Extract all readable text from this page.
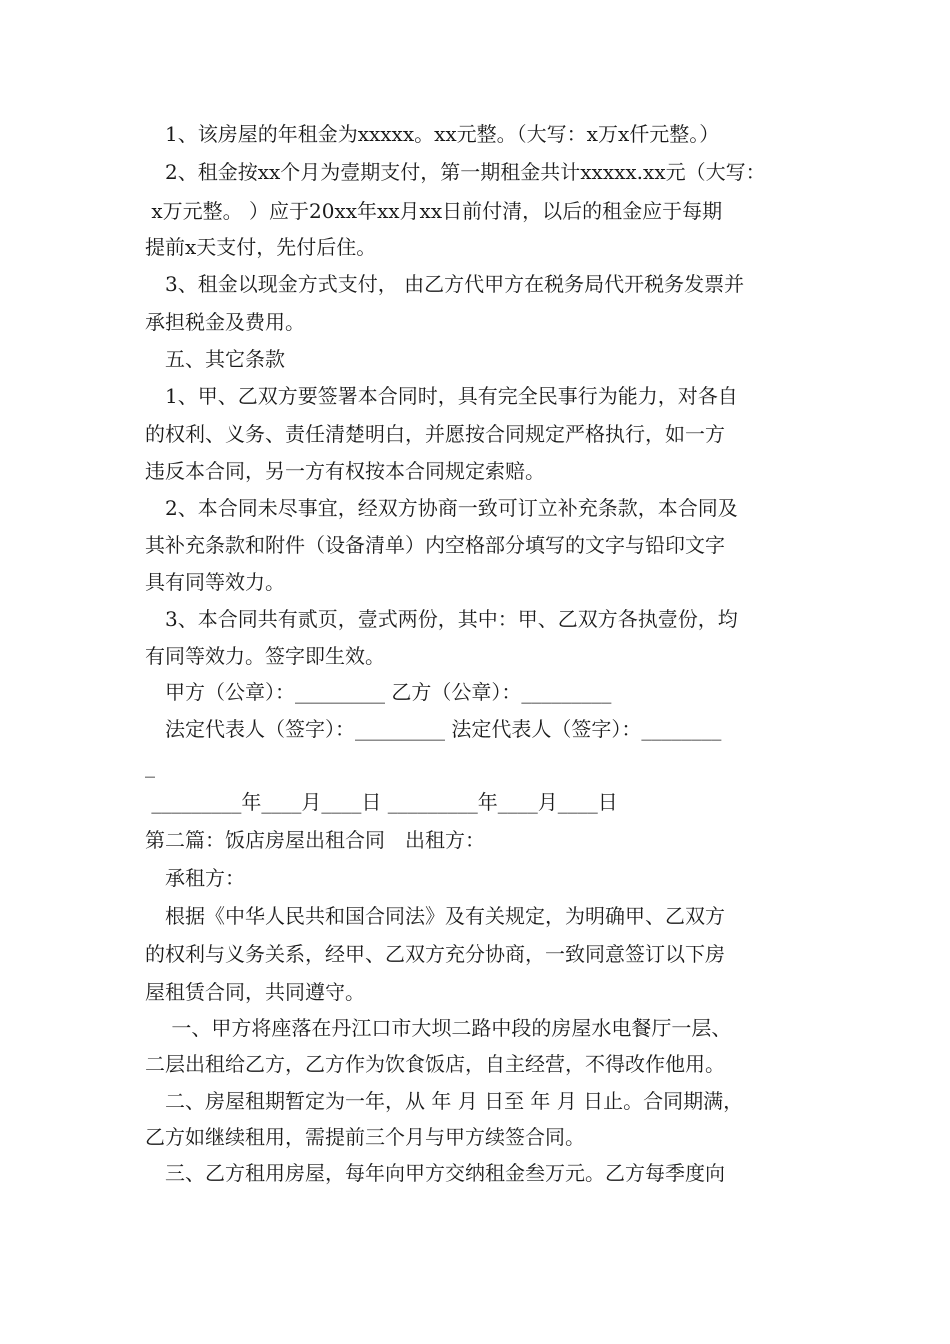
1、该房屋的年租金为xxxxx。xx元整。（大写：x万x仟元整。）
2、租金按xx个月为壹期支付，第一期租金共计xxxxx.xx元（大写：
x万元整。 ）应于20xx年xx月xx日前付清，以后的租金应于每期
提前x天支付，先付后住。
3、租金以现金方式支付， 由乙方代甲方在税务局代开税务发票并
承担税金及费用。
五、其它条款
1、甲、乙双方要签署本合同时，具有完全民事行为能力，对各自
的权利、义务、责任清楚明白，并愿按合同规定严格执行，如一方
违反本合同，另一方有权按本合同规定索赔。
2、本合同未尽事宜，经双方协商一致可订立补充条款，本合同及
其补充条款和附件（设备清单）内空格部分填写的文字与铅印文字
具有同等效力。
3、本合同共有贰页，壹式两份，其中：甲、乙双方各执壹份，均
有同等效力。签字即生效。
甲方（公章）：_________ 乙方（公章）：_________
法定代表人（签字）：_________ 法定代表人（签字）：________
_
_________年____月____日 _________年____月____日
第二篇：饭店房屋出租合同　出租方：
承租方：
根据《中华人民共和国合同法》及有关规定，为明确甲、乙双方
的权利与义务关系，经甲、乙双方充分协商，一致同意签订以下房
屋租赁合同，共同遵守。
一、甲方将座落在丹江口市大坝二路中段的房屋水电餐厅一层、
二层出租给乙方，乙方作为饮食饭店，自主经营，不得改作他用。
二、房屋租期暂定为一年，从 年 月 日至 年 月 日止。合同期满，
乙方如继续租用，需提前三个月与甲方续签合同。
三、乙方租用房屋，每年向甲方交纳租金叁万元。乙方每季度向
